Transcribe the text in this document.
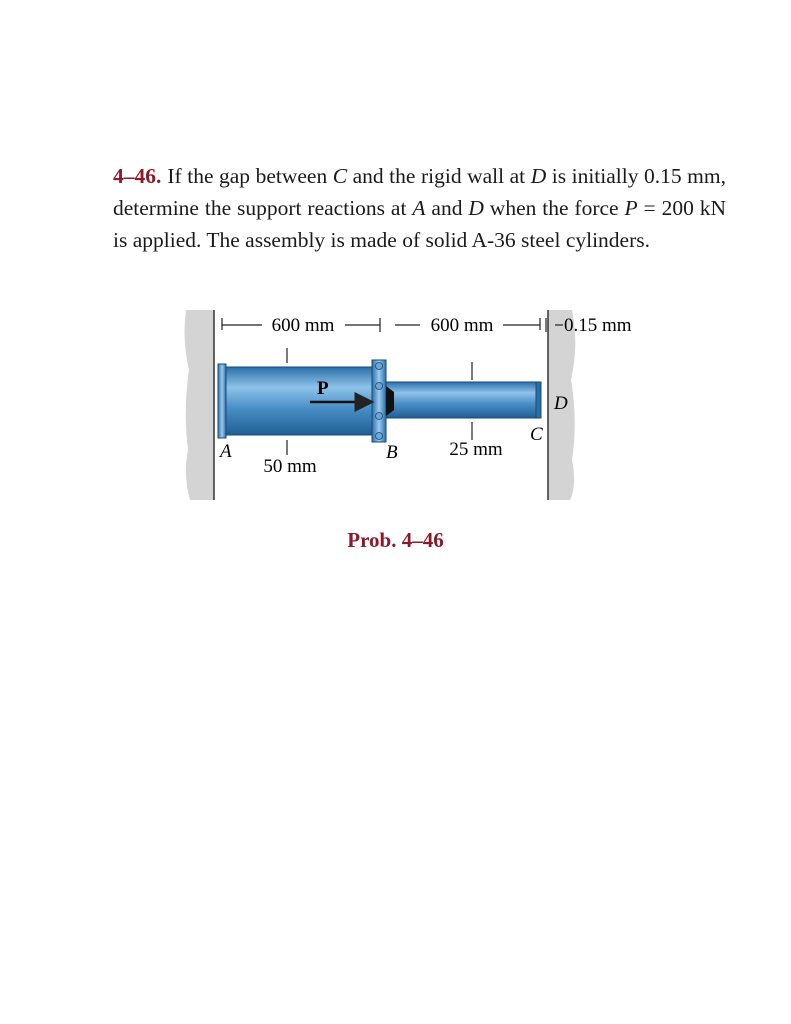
4–46. If the gap between C and the rigid wall at D is initially 0.15 mm, determine the support reactions at A and D when the force P = 200 kN is applied. The assembly is made of solid A-36 steel cylinders.

600 mm	600 mm	0.15 mm
P
A	B
C
D
50 mm
25 mm
Prob. 4–46
